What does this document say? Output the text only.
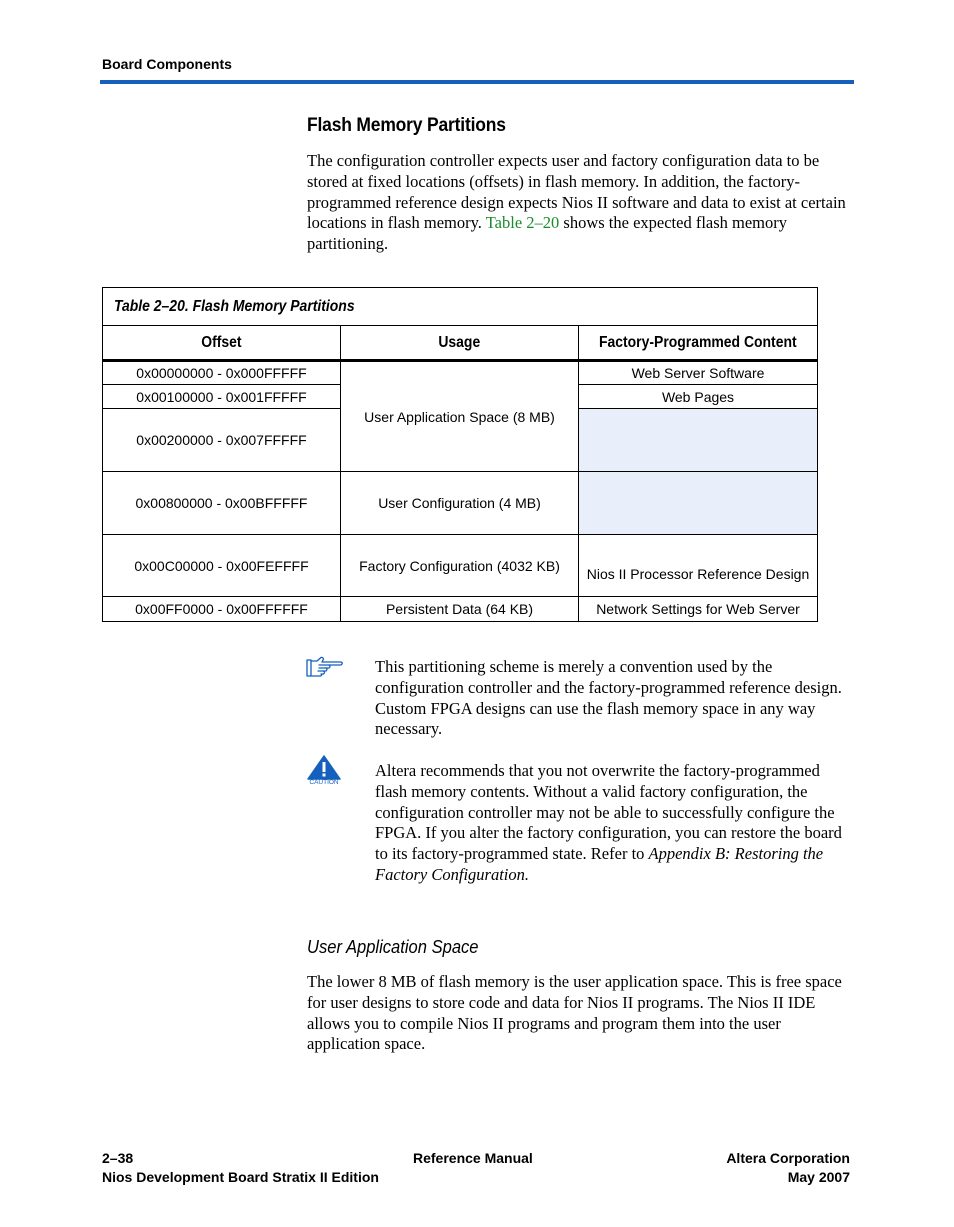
Board Components
Flash Memory Partitions
The configuration controller expects user and factory configuration data to be stored at fixed locations (offsets) in flash memory. In addition, the factory-programmed reference design expects Nios II software and data to exist at certain locations in flash memory. Table 2–20 shows the expected flash memory partitioning.
Table 2–20. Flash Memory Partitions		
Offset	Usage	Factory-Programmed Content
0x00000000 - 0x000FFFFF	User Application Space (8 MB)	Web Server Software
0x00100000 - 0x001FFFFF		Web Pages
0x00200000 - 0x007FFFFF		
0x00800000 - 0x00BFFFFF	User Configuration (4 MB)	
0x00C00000 - 0x00FEFFFF	Factory Configuration (4032 KB)	Nios II Processor Reference Design
0x00FF0000 - 0x00FFFFFF	Persistent Data (64 KB)	Network Settings for Web Server
This partitioning scheme is merely a convention used by the configuration controller and the factory-programmed reference design. Custom FPGA designs can use the flash memory space in any way necessary.
CAUTION
Altera recommends that you not overwrite the factory-programmed flash memory contents. Without a valid factory configuration, the configuration controller may not be able to successfully configure the FPGA. If you alter the factory configuration, you can restore the board to its factory-programmed state. Refer to Appendix B: Restoring the Factory Configuration.
User Application Space
The lower 8 MB of flash memory is the user application space. This is free space for user designs to store code and data for Nios II programs. The Nios II IDE allows you to compile Nios II programs and program them into the user application space.
2–38	Reference Manual	Altera Corporation
Nios Development Board Stratix II Edition	May 2007
